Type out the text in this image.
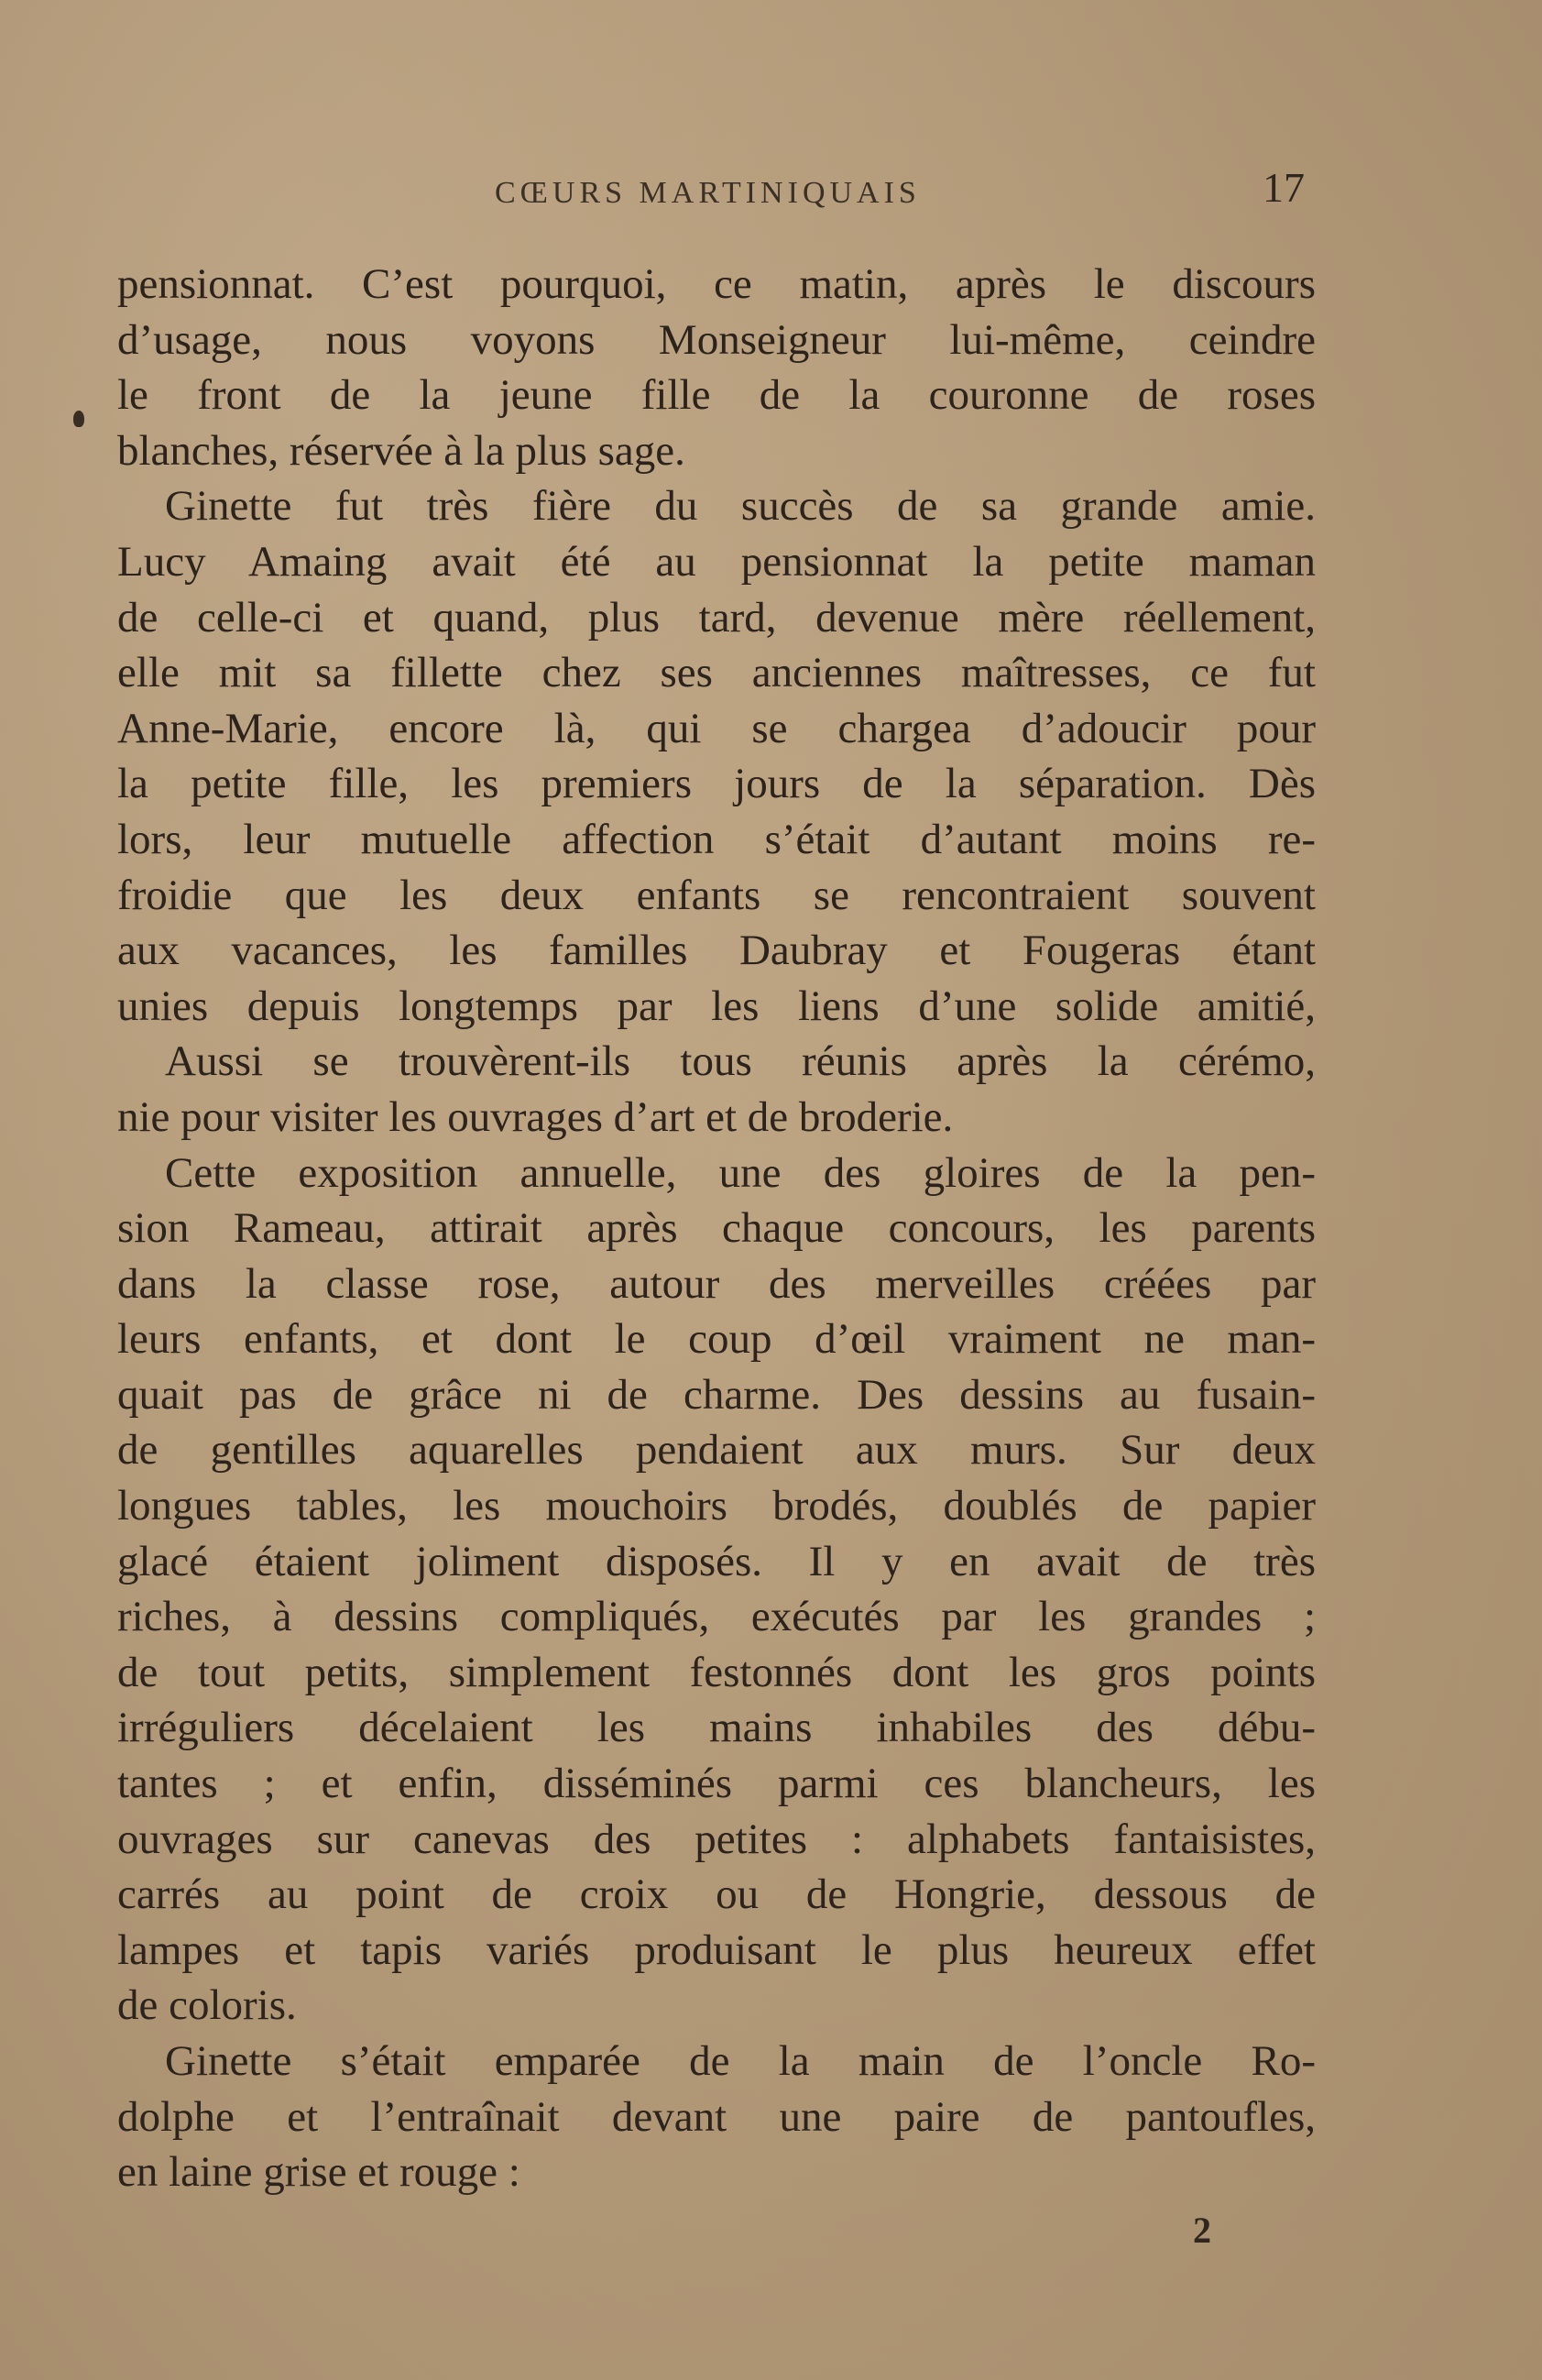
CŒURS MARTINIQUAIS	17
pensionnat. C’est pourquoi, ce matin, après le discours
d’usage, nous voyons Monseigneur lui-même, ceindre
le front de la jeune fille de la couronne de roses
blanches, réservée à la plus sage.
Ginette fut très fière du succès de sa grande amie.
Lucy Amaing avait été au pensionnat la petite maman
de celle-ci et quand, plus tard, devenue mère réellement,
elle mit sa fillette chez ses anciennes maîtresses, ce fut
Anne-Marie, encore là, qui se chargea d’adoucir pour
la petite fille, les premiers jours de la séparation. Dès
lors, leur mutuelle affection s’était d’autant moins re-
froidie que les deux enfants se rencontraient souvent
aux vacances, les familles Daubray et Fougeras étant
unies depuis longtemps par les liens d’une solide amitié,
Aussi se trouvèrent-ils tous réunis après la cérémo,
nie pour visiter les ouvrages d’art et de broderie.
Cette exposition annuelle, une des gloires de la pen-
sion Rameau, attirait après chaque concours, les parents
dans la classe rose, autour des merveilles créées par
leurs enfants, et dont le coup d’œil vraiment ne man-
quait pas de grâce ni de charme. Des dessins au fusain-
de gentilles aquarelles pendaient aux murs. Sur deux
longues tables, les mouchoirs brodés, doublés de papier
glacé étaient joliment disposés. Il y en avait de très
riches, à dessins compliqués, exécutés par les grandes ;
de tout petits, simplement festonnés dont les gros points
irréguliers décelaient les mains inhabiles des débu-
tantes ; et enfin, disséminés parmi ces blancheurs, les
ouvrages sur canevas des petites : alphabets fantaisistes,
carrés au point de croix ou de Hongrie, dessous de
lampes et tapis variés produisant le plus heureux effet
de coloris.
Ginette s’était emparée de la main de l’oncle Ro-
dolphe et l’entraînait devant une paire de pantoufles,
en laine grise et rouge :
2
